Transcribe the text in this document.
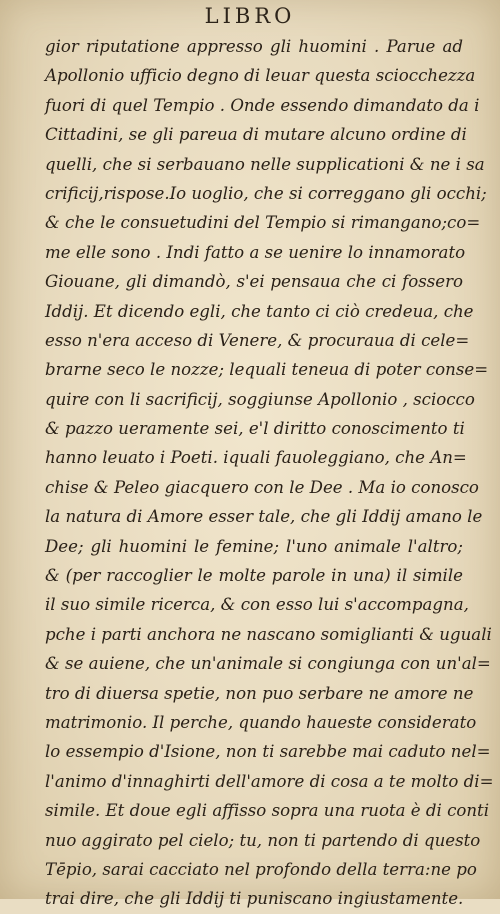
LIBRO
gior riputatione appresso gli huomini . Parue ad
Apollonio ufficio degno di leuar questa sciocchezza
fuori di quel Tempio . Onde essendo dimandato da i
Cittadini, se gli pareua di mutare alcuno ordine di
quelli, che si serbauano nelle supplicationi & ne i sa
crificij,rispose.Io uoglio, che si correggano gli occhi;
& che le consuetudini del Tempio si rimangano;co=
me elle sono . Indi fatto a se uenire lo innamorato
Giouane, gli dimandò, s'ei pensaua che ci fossero
Iddij. Et dicendo egli, che tanto ci ciò credeua, che
esso n'era acceso di Venere, & procuraua di cele=
brarne seco le nozze; lequali teneua di poter conse=
quire con li sacrificij, soggiunse Apollonio , sciocco
& pazzo ueramente sei, e'l diritto conoscimento ti
hanno leuato i Poeti. iquali fauoleggiano, che An=
chise & Peleo giacquero con le Dee . Ma io conosco
la natura di Amore esser tale, che gli Iddij amano le
Dee; gli huomini le femine; l'uno animale l'altro;
& (per raccoglier le molte parole in una) il simile
il suo simile ricerca, & con esso lui s'accompagna,
pche i parti anchora ne nascano somiglianti & uguali
& se auiene, che un'animale si congiunga con un'al=
tro di diuersa spetie, non puo serbare ne amore ne
matrimonio. Il perche, quando haueste considerato
lo essempio d'Isione, non ti sarebbe mai caduto nel=
l'animo d'innaghirti dell'amore di cosa a te molto di=
simile. Et doue egli affisso sopra una ruota è di conti
nuo aggirato pel cielo; tu, non ti partendo di questo
Tēpio, sarai cacciato nel profondo della terra:ne po
trai dire, che gli Iddij ti puniscano ingiustamente.
